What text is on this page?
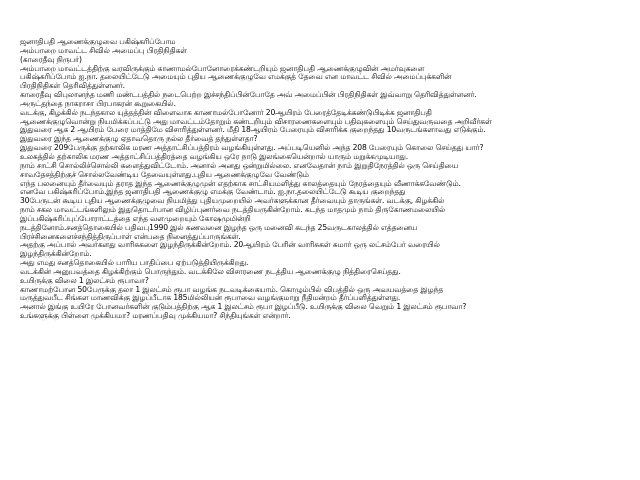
ஜனாதிபதி ஆணைக்குழுவை பகிஷ்கரிப்போம
அம்பாறை மாவட்ட சிவில் அமைப்பு பிரதிநிதிகள்
(காரைதீவு நிருபர்)
அம்பாறை மாவட்டத்திற்கு வரவிருக்கும் காணாமல்போனோரைக்கண்டறியும் ஜனாதிபதி ஆணைக்குழுவின் அமர்வுகளை
பகிஷ்கரிப்போம் ஐ.நா. தலையிட்டேடு அமையும் புதிய ஆணைக்குழுவே எமக்குத் தேவை என மாவட்ட சிவில் அமைப்புக்களின்
பிரதிநிதிகள் தெரிவித்துள்ளனர்.
காரைதீவு விபுலானந்த மணி மண்டபத்தில் நடைபெற்ற இச்சந்திப்பின்போதே அவ் அமைப்பின் பிரதிநிதிகள் இவ்வாறு தெரிவித்துள்ளனர்.
அருட்தந்தை நாகராசா பிரபாகரன் கூறுகையில்.
வடக்கு, கிழக்கில் நடந்தகால யுத்தத்தின் விளைவாக காணாமல்போனோர் 20ஆயிரம் பேரைத்தேடிக்கண்டுபிடிக்க ஜனாதிபதி
ஆணைக்குழுவொன்று நியமிக்கப்பட்டு அது மாவட்டம்தோறும் கண்டறியும் விசாரணைகளையும் பதிவுகளையும் செய்துவருவதை அறிவீர்கள்
இதுவரை ஆக 2 ஆயிரம் பேரை மாத்திமே விசாரித்துள்ளனர். மீதி 18ஆயிரம் பேரையும் விசாரிக்க குறைந்தது 10வருடங்களாவது எடுக்கும்.
இதுவரை இந்த ஆணைக்குழு ஏதாவதொரு நல்ல தீர்வைத் தந்துள்ளதா?
இதுவரை 209பேருக்கு தற்காலிக மரண அத்தாட்சிப்பத்திரம் வழங்கியுள்ளது. அப்படியெனில் அந்த 208 பேரையும் கொலை செய்தது யார்?
உலகத்தில் தற்காலிக மரண அத்தாட்சிப்பத்திரத்தை வழங்கிய ஒரே நாடு இலங்கையென்றால் யாரும் மறுக்கமுடியாது.
நாம் சாட்சி சொல்லிச்சொல்லி களைத்துவிட்டோம். அனால் அனது ஒன்றுமில்லை. எனவேதான் நாம் இறுதிநேரத்தில் ஒரு செய்தியை
சாவதேசத்திற்குச் சொல்லவேண்டிய தேவையுள்ளது.புதிய ஆணைக்குழுவே வேண்டும்
எந்த பலனையும் தீர்வையும் தராத இந்த ஆணைக்குழுமுன் எதற்காக சாட்சியமளித்து காலத்தையும் நேரத்தையும் வீணாக்கவேண்டும்.
எனவே பகிஷ்கரிப்போம்.இந்த ஜனாதிபதி ஆணைக்குழு எமக்கு வேண்டாம். ஐ.நா.தலையிட்டேடு கூடிய குறைந்தது
30பேருடன் கூடிய புதிய ஆணைக்குழுவை நியமித்து புதியமுறையில் அவர்களுக்கான தீர்வையும் தாருங்கள். வடக்கு, கிழக்கில்
நாம் சகல மாவட்டங்களிலும் இதுதொடர்பான விழிப்புணர்வை நடத்தியருகின்றோம். கடந்த மாதமும் நாம் திருகோணமலையில்
இப்பகிஷ்கரிப்புப்போராட்டத்தை எந்த வளமுறையும் கோஷமுமின்றி
நடத்தினோம்.சனத்தொகையில் பதிவபு1990 இல் கணவனை இழந்த ஒரு மனைவி கடந்த 25வருடகாலத்தில் எத்தனைய
பிரச்சினைகளைச்சந்தித்திருப்பாள் என்பதை நினைத்துப்பாருங்கள்.
அதற்கு அப்பால் அவர்களது வாரிசுகளை இழந்திருக்கின்றோம். 20ஆயிரம் பேரின் வாரிசுகள் சுமார் ஒரு லட்சம்பேர் வரையில்
இழந்திருக்கின்றோம்.
அது எமது சனத்தொகையில் பாரிய பாதிப்பை ஏற்படுத்தியிருக்கிறது.
வடக்கின் அனுபவத்தை கிழக்கிற்கும் பொருந்தும். வடக்கிலே விசாரணை நடத்திய ஆணைக்குழு நித்திரைசெய்தது.
உயிருக்கு விலை 1 இலட்சம் ரூபாவா?
காணாமற்போன 50பேருக்கு தலா 1 இலட்சம் ரூபா வழங்க நடவடிக்கையாம். கொழும்பில் விபத்தில் ஒரு அவயவத்தை இழந்த
மருத்துவபீட சிங்கள மாணவிக்கு இழப்பீடாக 185மில்லியன் ரூபாவை வழங்குமாறு நீதிமன்றம் தீர்ப்பளித்துள்ளது.
அனால் இங்கு உயிரே போனவர்களின் குடும்பத்திற்கு ஆக 1 இலட்சம் ரூபா இழப்பீடு. உயிருக்கு விலை வெறும் 1 இலட்சம் ரூபாவா?
உங்களுக்கு பிள்ளை முக்கியமா? மரணப்பதிவு முக்கியமா? சிந்தியுங்கள் என்றார்.
